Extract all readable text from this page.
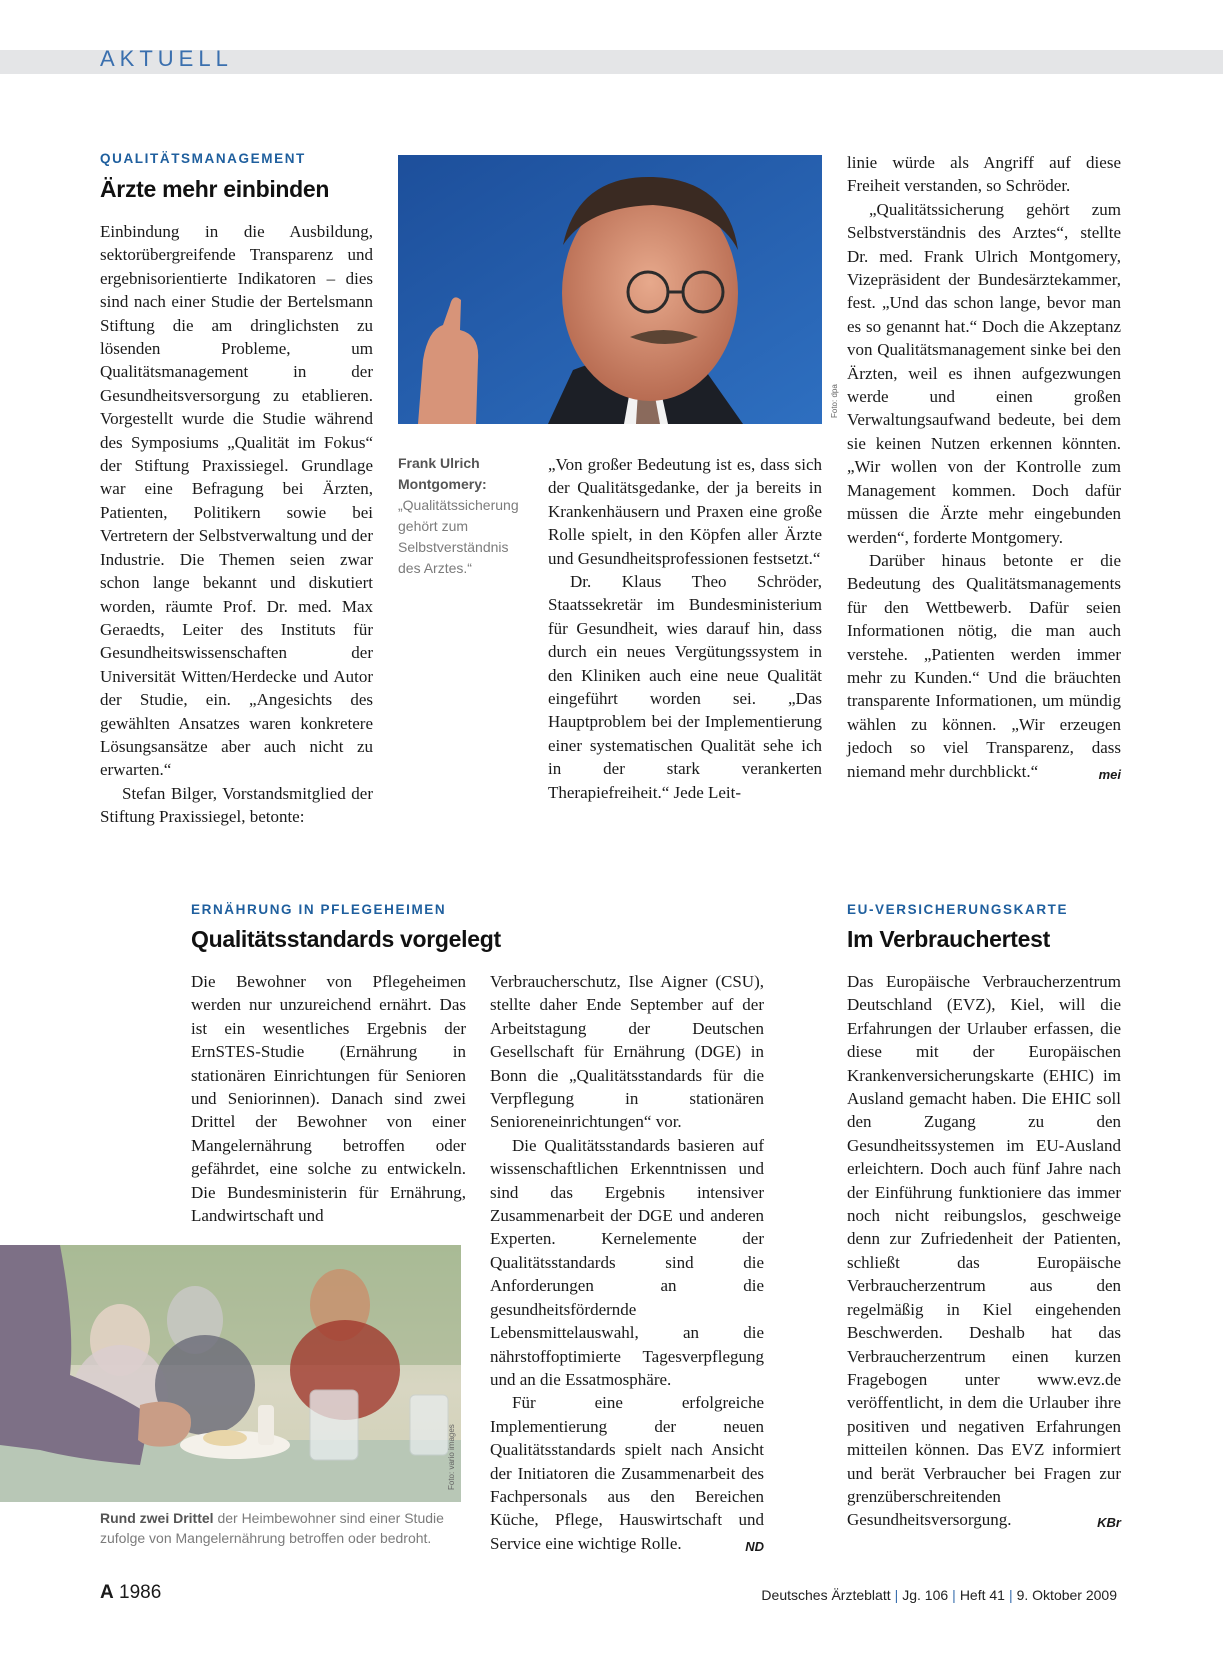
AKTUELL
QUALITÄTSMANAGEMENT
Ärzte mehr einbinden

Einbindung in die Ausbildung, sektorübergreifende Transparenz und ergebnisorientierte Indikatoren – dies sind nach einer Studie der Bertelsmann Stiftung die am dringlichsten zu lösenden Probleme, um Qualitätsmanagement in der Gesundheitsversorgung zu etablieren. Vorgestellt wurde die Studie während des Symposiums „Qualität im Fokus“ der Stiftung Praxissiegel. Grundlage war eine Befragung bei Ärzten, Patienten, Politikern sowie bei Vertretern der Selbstverwaltung und der Industrie. Die Themen seien zwar schon lange bekannt und diskutiert worden, räumte Prof. Dr. med. Max Geraedts, Leiter des Instituts für Gesundheitswissenschaften der Universität Witten/Herdecke und Autor der Studie, ein. „Angesichts des gewählten Ansatzes waren konkretere Lösungsansätze aber auch nicht zu erwarten.“

Stefan Bilger, Vorstandsmitglied der Stiftung Praxissiegel, betonte:

Foto: dpa
Frank Ulrich Montgomery:
„Qualitätssicherung gehört zum Selbstverständnis des Arztes.“

„Von großer Bedeutung ist es, dass sich der Qualitätsgedanke, der ja bereits in Krankenhäusern und Praxen eine große Rolle spielt, in den Köpfen aller Ärzte und Gesundheitsprofessionen festsetzt.“

Dr. Klaus Theo Schröder, Staatssekretär im Bundesministerium für Gesundheit, wies darauf hin, dass durch ein neues Vergütungssystem in den Kliniken auch eine neue Qualität eingeführt worden sei. „Das Hauptproblem bei der Implementierung einer systematischen Qualität sehe ich in der stark verankerten Therapiefreiheit.“ Jede Leit-

linie würde als Angriff auf diese Freiheit verstanden, so Schröder.

„Qualitätssicherung gehört zum Selbstverständnis des Arztes“, stellte Dr. med. Frank Ulrich Montgomery, Vizepräsident der Bundesärztekammer, fest. „Und das schon lange, bevor man es so genannt hat.“ Doch die Akzeptanz von Qualitätsmanagement sinke bei den Ärzten, weil es ihnen aufgezwungen werde und einen großen Verwaltungsaufwand bedeute, bei dem sie keinen Nutzen erkennen könnten. „Wir wollen von der Kontrolle zum Management kommen. Doch dafür müssen die Ärzte mehr eingebunden werden“, forderte Montgomery.

Darüber hinaus betonte er die Bedeutung des Qualitätsmanagements für den Wettbewerb. Dafür seien Informationen nötig, die man auch verstehe. „Patienten werden immer mehr zu Kunden.“ Und die bräuchten transparente Informationen, um mündig wählen zu können. „Wir erzeugen jedoch so viel Transparenz, dass niemand mehr durchblickt.“	mei

ERNÄHRUNG IN PFLEGEHEIMEN
Qualitätsstandards vorgelegt

Die Bewohner von Pflegeheimen werden nur unzureichend ernährt. Das ist ein wesentliches Ergebnis der ErnSTES-Studie (Ernährung in stationären Einrichtungen für Senioren und Seniorinnen). Danach sind zwei Drittel der Bewohner von einer Mangelernährung betroffen oder gefährdet, eine solche zu entwickeln. Die Bundesministerin für Ernährung, Landwirtschaft und

Foto: vario images
Rund zwei Drittel der Heimbewohner sind einer Studie zufolge von Mangelernährung betroffen oder bedroht.

Verbraucherschutz, Ilse Aigner (CSU), stellte daher Ende September auf der Arbeitstagung der Deutschen Gesellschaft für Ernährung (DGE) in Bonn die „Qualitätsstandards für die Verpflegung in stationären Senioreneinrichtungen“ vor.

Die Qualitätsstandards basieren auf wissenschaftlichen Erkenntnissen und sind das Ergebnis intensiver Zusammenarbeit der DGE und anderen Experten. Kernelemente der Qualitätsstandards sind die Anforderungen an die gesundheitsfördernde Lebensmittelauswahl, an die nährstoffoptimierte Tagesverpflegung und an die Essatmosphäre.

Für eine erfolgreiche Implementierung der neuen Qualitätsstandards spielt nach Ansicht der Initiatoren die Zusammenarbeit des Fachpersonals aus den Bereichen Küche, Pflege, Hauswirtschaft und Service eine wichtige Rolle.	ND

EU-VERSICHERUNGSKARTE
Im Verbrauchertest

Das Europäische Verbraucherzentrum Deutschland (EVZ), Kiel, will die Erfahrungen der Urlauber erfassen, die diese mit der Europäischen Krankenversicherungskarte (EHIC) im Ausland gemacht haben. Die EHIC soll den Zugang zu den Gesundheitssystemen im EU-Ausland erleichtern. Doch auch fünf Jahre nach der Einführung funktioniere das immer noch nicht reibungslos, geschweige denn zur Zufriedenheit der Patienten, schließt das Europäische Verbraucherzentrum aus den regelmäßig in Kiel eingehenden Beschwerden. Deshalb hat das Verbraucherzentrum einen kurzen Fragebogen unter www.evz.de veröffentlicht, in dem die Urlauber ihre positiven und negativen Erfahrungen mitteilen können. Das EVZ informiert und berät Verbraucher bei Fragen zur grenzüberschreitenden Gesundheitsversorgung.	KBr

A 1986	Deutsches Ärzteblatt | Jg. 106 | Heft 41 | 9. Oktober 2009
